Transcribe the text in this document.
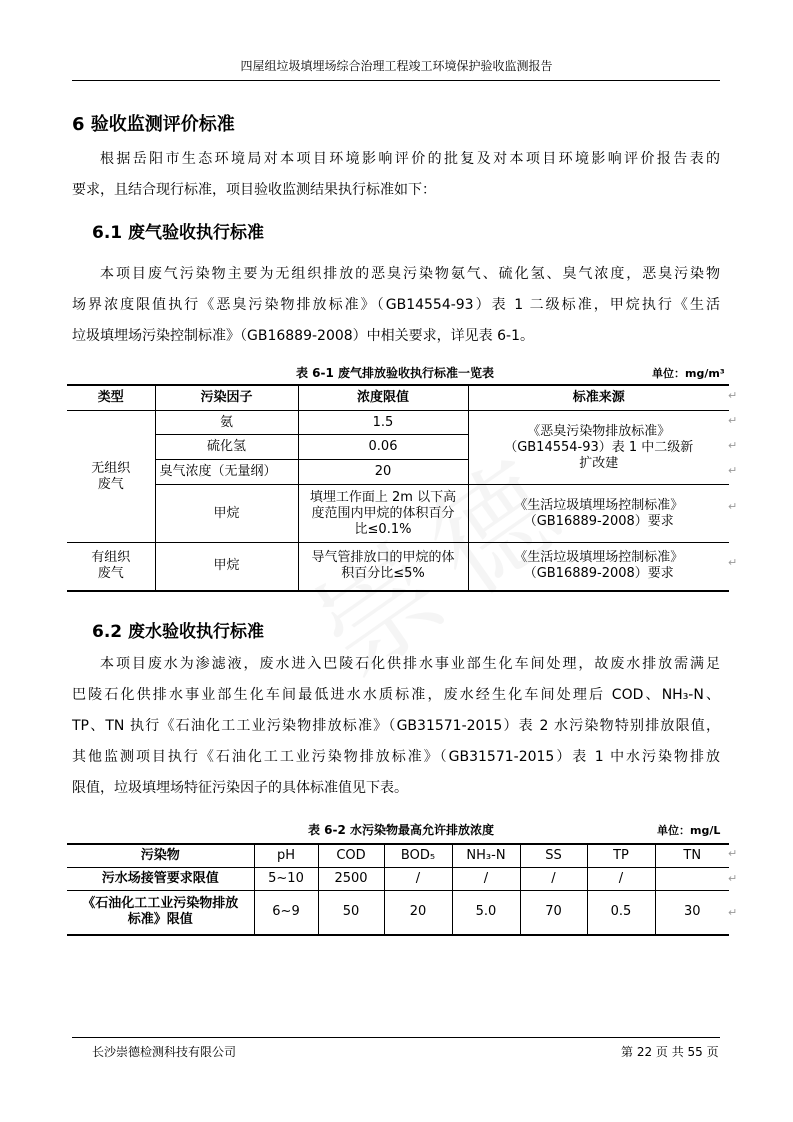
四屋组垃圾填埋场综合治理工程竣工环境保护验收监测报告
6 验收监测评价标准

根据岳阳市生态环境局对本项目环境影响评价的批复及对本项目环境影响评价报告表的
要求，且结合现行标准，项目验收监测结果执行标准如下：

6.1 废气验收执行标准

本项目废气污染物主要为无组织排放的恶臭污染物氨气、硫化氢、臭气浓度，恶臭污染物
场界浓度限值执行《恶臭污染物排放标准》（GB14554-93）表 1 二级标准，甲烷执行《生活
垃圾填埋场污染控制标准》（GB16889-2008）中相关要求，详见表 6-1。

表 6-1 废气排放验收执行标准一览表	单位：mg/m³
类型	污染因子	浓度限值	标准来源
无组织
废气	氨	1.5	《恶臭污染物排放标准》（GB14554-93）表 1 中二级新扩改建
	硫化氢	0.06	
	臭气浓度（无量纲）	20	
	甲烷	填埋工作面上 2m 以下高度范围内甲烷的体积百分比≤0.1%	《生活垃圾填埋场控制标准》（GB16889-2008）要求
有组织
废气	甲烷	导气管排放口的甲烷的体积百分比≤5%	《生活垃圾填埋场控制标准》（GB16889-2008）要求
↵
↵
↵
↵
↵
↵
6.2 废水验收执行标准

本项目废水为渗滤液，废水进入巴陵石化供排水事业部生化车间处理，故废水排放需满足
巴陵石化供排水事业部生化车间最低进水水质标准，废水经生化车间处理后 COD、NH₃-N、
TP、TN 执行《石油化工工业污染物排放标准》（GB31571-2015）表 2 水污染物特别排放限值，
其他监测项目执行《石油化工工业污染物排放标准》（GB31571-2015）表 1 中水污染物排放
限值，垃圾填埋场特征污染因子的具体标准值见下表。

表 6-2 水污染物最高允许排放浓度	单位：mg/L
污染物	pH	COD	BOD₅	NH₃-N	SS	TP	TN
污水场接管要求限值	5~10	2500	/	/	/	/	
《石油化工工业污染物排放标准》限值	6~9	50	20	5.0	70	0.5	30
↵
↵
↵
长沙崇德检测科技有限公司	第 22 页 共 55 页
